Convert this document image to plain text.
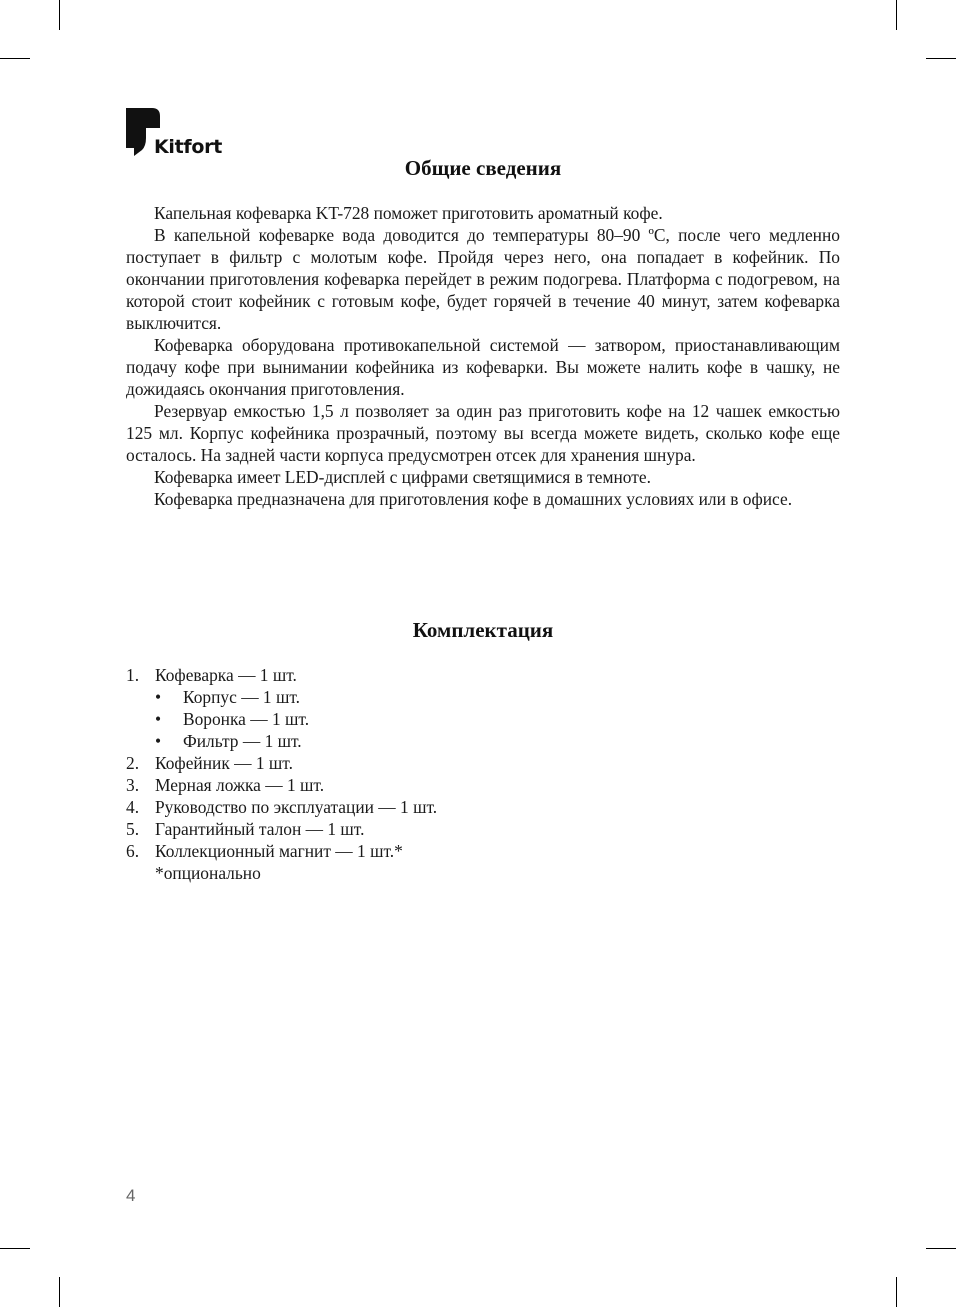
Kitfort
Общие сведения

Капельная кофеварка KT-728 поможет приготовить ароматный кофе.

В капельной кофеварке вода доводится до температуры 80–90 ºС, после чего медленно поступает в фильтр с молотым кофе. Пройдя через него, она попадает в кофейник. По окончании приготовления кофеварка перейдет в режим подогрева. Платформа с подогревом, на которой стоит кофейник с готовым кофе, будет горячей в течение 40 минут, затем кофеварка выключится.

Кофеварка оборудована противокапельной системой — затвором, приостанавливающим подачу кофе при вынимании кофейника из кофеварки. Вы можете налить кофе в чашку, не дожидаясь окончания приготовления.

Резервуар емкостью 1,5 л позволяет за один раз приготовить кофе на 12 чашек емкостью 125 мл. Корпус кофейника прозрачный, поэтому вы всегда можете видеть, сколько кофе еще осталось. На задней части корпуса предусмотрен отсек для хранения шнура.

Кофеварка имеет LED-дисплей с цифрами светящимися в темноте.

Кофеварка предназначена для приготовления кофе в домашних условиях или в офисе.

Комплектация
1. Кофеварка — 1 шт.
• Корпус — 1 шт.
• Воронка — 1 шт.
• Фильтр — 1 шт.
2. Кофейник — 1 шт.
3. Мерная ложка — 1 шт.
4. Руководство по эксплуатации — 1 шт.
5. Гарантийный талон — 1 шт.
6. Коллекционный магнит — 1 шт.*
*опционально
4
